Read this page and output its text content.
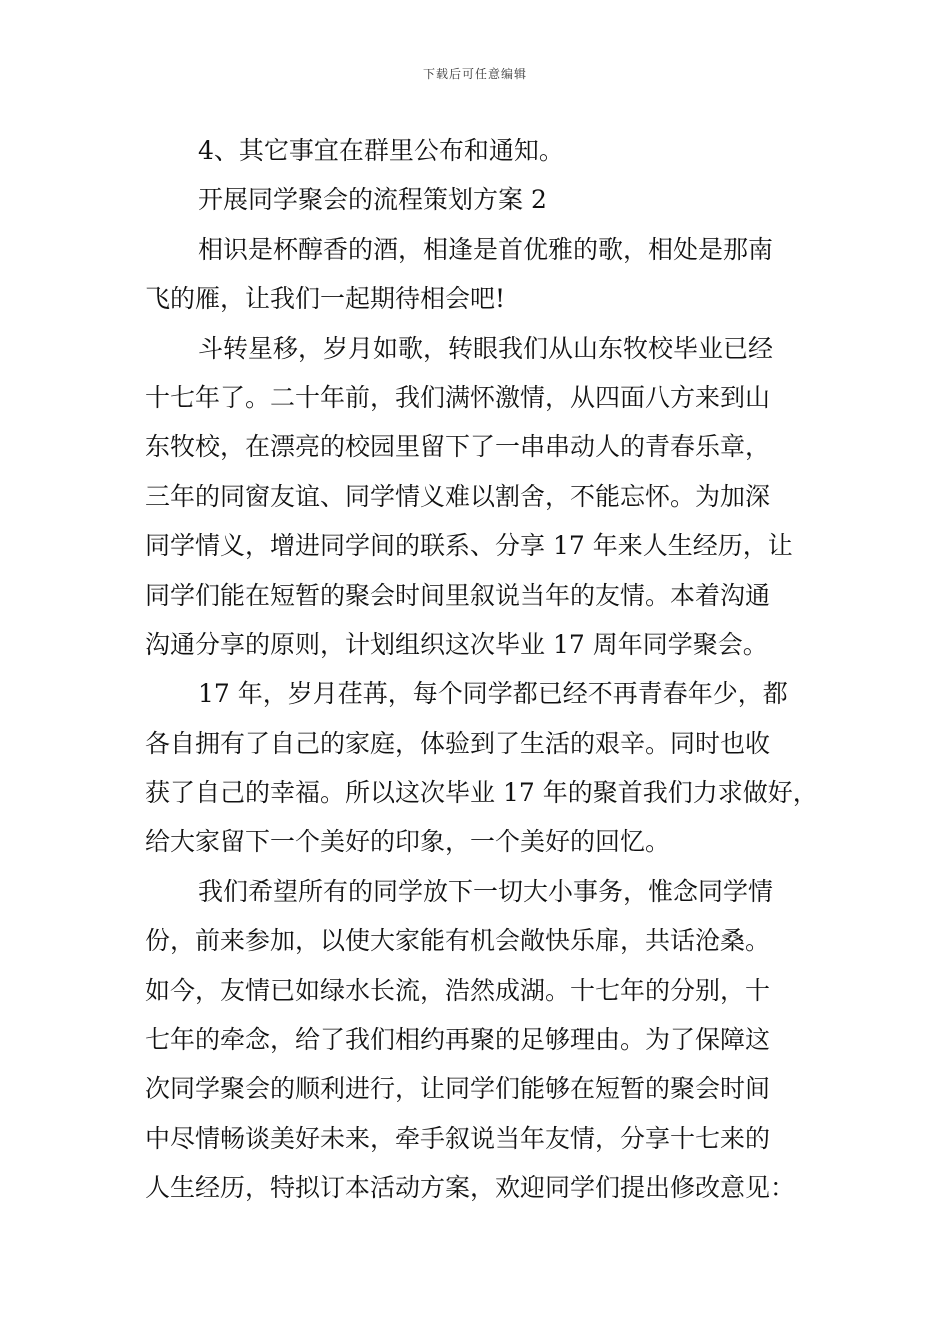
下载后可任意编辑
4、其它事宜在群里公布和通知。
开展同学聚会的流程策划方案 2
相识是杯醇香的酒，相逢是首优雅的歌，相处是那南
飞的雁，让我们一起期待相会吧!
斗转星移，岁月如歌，转眼我们从山东牧校毕业已经
十七年了。二十年前，我们满怀激情，从四面八方来到山
东牧校，在漂亮的校园里留下了一串串动人的青春乐章，
三年的同窗友谊、同学情义难以割舍，不能忘怀。为加深
同学情义，增进同学间的联系、分享 17 年来人生经历，让
同学们能在短暂的聚会时间里叙说当年的友情。本着沟通
沟通分享的原则，计划组织这次毕业 17 周年同学聚会。
17 年，岁月荏苒，每个同学都已经不再青春年少，都
各自拥有了自己的家庭，体验到了生活的艰辛。同时也收
获了自己的幸福。所以这次毕业 17 年的聚首我们力求做好，
给大家留下一个美好的印象，一个美好的回忆。
我们希望所有的同学放下一切大小事务，惟念同学情
份，前来参加，以使大家能有机会敞快乐扉，共话沧桑。
如今，友情已如绿水长流，浩然成湖。十七年的分别，十
七年的牵念，给了我们相约再聚的足够理由。为了保障这
次同学聚会的顺利进行，让同学们能够在短暂的聚会时间
中尽情畅谈美好未来，牵手叙说当年友情，分享十七来的
人生经历，特拟订本活动方案，欢迎同学们提出修改意见：
